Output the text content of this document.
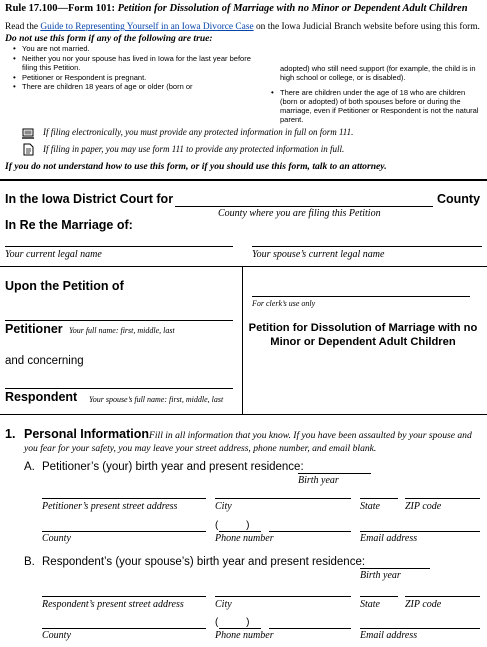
Rule 17.100—Form 101: Petition for Dissolution of Marriage with no Minor or Dependent Adult Children
Read the Guide to Representing Yourself in an Iowa Divorce Case on the Iowa Judicial Branch website before using this form.
Do not use this form if any of the following are true:
• You are not married.
• Neither you nor your spouse has lived in Iowa for the last year before filing this Petition.
• Petitioner or Respondent is pregnant.
• There are children 18 years of age or older (born or
adopted) who still need support (for example, the child is in high school or college, or is disabled).
• There are children under the age of 18 who are children (born or adopted) of both spouses before or during the marriage, even if Petitioner or Respondent is not the natural parent.
If filing electronically, you must provide any protected information in full on form 111.
If filing in paper, you may use form 111 to provide any protected information in full.
If you do not understand how to use this form, or if you should use this form, talk to an attorney.
In the Iowa District Court for	County
County where you are filing this Petition
In Re the Marriage of:
Your current legal name	Your spouse’s current legal name
Upon the Petition of
For clerk’s use only
Petitioner Your full name: first, middle, last	Petition for Dissolution of Marriage with no Minor or Dependent Adult Children
and concerning
Respondent Your spouse’s full name: first, middle, last
1. Personal Information Fill in all information that you know. If you have been assaulted by your spouse and you fear for your safety, you may leave your street address, phone number, and email blank.
A. Petitioner’s (your) birth year and present residence:
Birth year
Petitioner’s present street address	City	State	ZIP code
(          )
County	Phone number	Email address
B. Respondent’s (your spouse’s) birth year and present residence:
Birth year
Respondent’s present street address	City	State	ZIP code
(          )
County	Phone number	Email address
